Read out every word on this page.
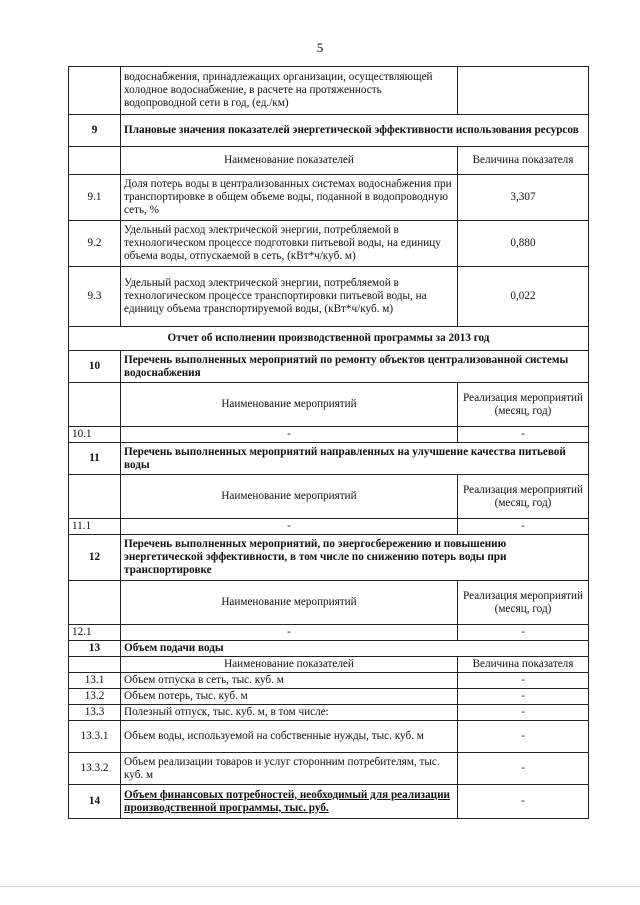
5
	водоснабжения, принадлежащих организации, осуществляющей холодное водоснабжение, в расчете на протяженность водопроводной сети в год, (ед./км)	
9	Плановые значения показателей энергетической эффективности использования ресурсов	
	Наименование показателей	Величина показателя
9.1	Доля потерь воды в централизованных системах водоснабжения при транспортировке в общем объеме воды, поданной в водопроводную сеть, %	3,307
9.2	Удельный расход электрической энергии, потребляемой в технологическом процессе подготовки питьевой воды, на единицу объема воды, отпускаемой в сеть, (кВт*ч/куб. м)	0,880
9.3	Удельный расход электрической энергии, потребляемой в технологическом процессе транспортировки питьевой воды, на единицу объема транспортируемой воды, (кВт*ч/куб. м)	0,022
Отчет об исполнении производственной программы за 2013 год		
10	Перечень выполненных мероприятий по ремонту объектов централизованной системы водоснабжения	
	Наименование мероприятий	Реализация мероприятий (месяц, год)
10.1	-	-
11	Перечень выполненных мероприятий направленных на улучшение качества питьевой воды	
	Наименование мероприятий	Реализация мероприятий (месяц, год)
11.1	-	-
12	Перечень выполненных мероприятий, по энергосбережению и повышению энергетической эффективности, в том числе по снижению потерь воды при транспортировке	
	Наименование мероприятий	Реализация мероприятий (месяц, год)
12.1	-	-
13	Объем подачи воды	
	Наименование показателей	Величина показателя
13.1	Объем отпуска в сеть, тыс. куб. м	-
13.2	Объем потерь, тыс. куб. м	-
13.3	Полезный отпуск, тыс. куб. м, в том числе:	-
13.3.1	Объем воды, используемой на собственные нужды, тыс. куб. м	-
13.3.2	Объем реализации товаров и услуг сторонним потребителям, тыс. куб. м	-
14	Объем финансовых потребностей, необходимый для реализации производственной программы, тыс. руб.	-
